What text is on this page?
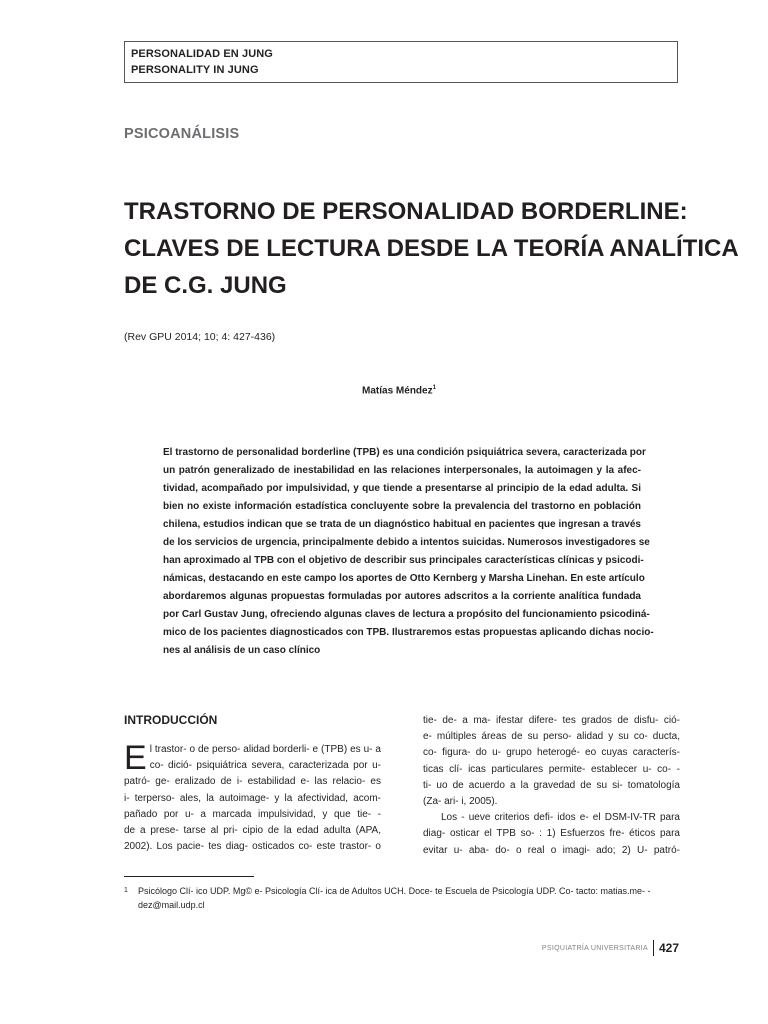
PERSONALIDAD EN JUNG
PERSONALITY IN JUNG
PSICOANÁLISIS
TRASTORNO DE PERSONALIDAD BORDERLINE:
CLAVES DE LECTURA DESDE LA TEORÍA ANALÍTICA
DE C.G. JUNG
(Rev GPU 2014; 10; 4: 427-436)
Matías Méndez$^1$
El trastorno de personalidad borderline (TPB) es una condición psiquiátrica severa, caracterizada por
un patrón generalizado de inestabilidad en las relaciones interpersonales, la autoimagen y la afec-
tividad, acompañado por impulsividad, y que tiende a presentarse al principio de la edad adulta. Si
bien no existe información estadística concluyente sobre la prevalencia del trastorno en población
chilena, estudios indican que se trata de un diagnóstico habitual en pacientes que ingresan a través
de los servicios de urgencia, principalmente debido a intentos suicidas. Numerosos investigadores se
han aproximado al TPB con el objetivo de describir sus principales características clínicas y psicodi-
námicas, destacando en este campo los aportes de Otto Kernberg y Marsha Linehan. En este artículo
abordaremos algunas propuestas formuladas por autores adscritos a la corriente analítica fundada
por Carl Gustav Jung, ofreciendo algunas claves de lectura a propósito del funcionamiento psicodiná-
mico de los pacientes diagnosticados con TPB. Ilustraremos estas propuestas aplicando dichas nocio-
nes al análisis de un caso clínico
INTRODUCCIÓN
E l trastor- o de perso- alidad borderli- e (TPB) es u- a
co- dició- psiquiátrica severa, caracterizada por u-
patró- ge- eralizado de i- estabilidad e- las relacio- es
i- terperso- ales, la autoimage- y la afectividad, acom-
pañado por u- a marcada impulsividad, y que tie- -
de a prese- tarse al pri- cipio de la edad adulta (APA,
2002). Los pacie- tes diag- osticados co- este trastor- o
tie- de- a ma- ifestar difere- tes grados de disfu- ció-
e- múltiples áreas de su perso- alidad y su co- ducta,
co- figura- do u- grupo heterogé- eo cuyas caracterís-
ticas clí- icas particulares permite- establecer u- co- -
ti- uo de acuerdo a la gravedad de su si- tomatología
(Za- ari- i, 2005).
Los - ueve criterios defi- idos e- el DSM-IV-TR para
diag- osticar el TPB so- : 1) Esfuerzos fre- éticos para
evitar u- aba- do- o real o imagi- ado; 2) U- patró-
1 Psicólogo Clí- ico UDP. Mg© e- Psicología Clí- ica de Adultos UCH. Doce- te Escuela de Psicología UDP. Co- tacto: matias.me- -
dez@mail.udp.cl
PSIQUIATRÍA UNIVERSITARIA 427
